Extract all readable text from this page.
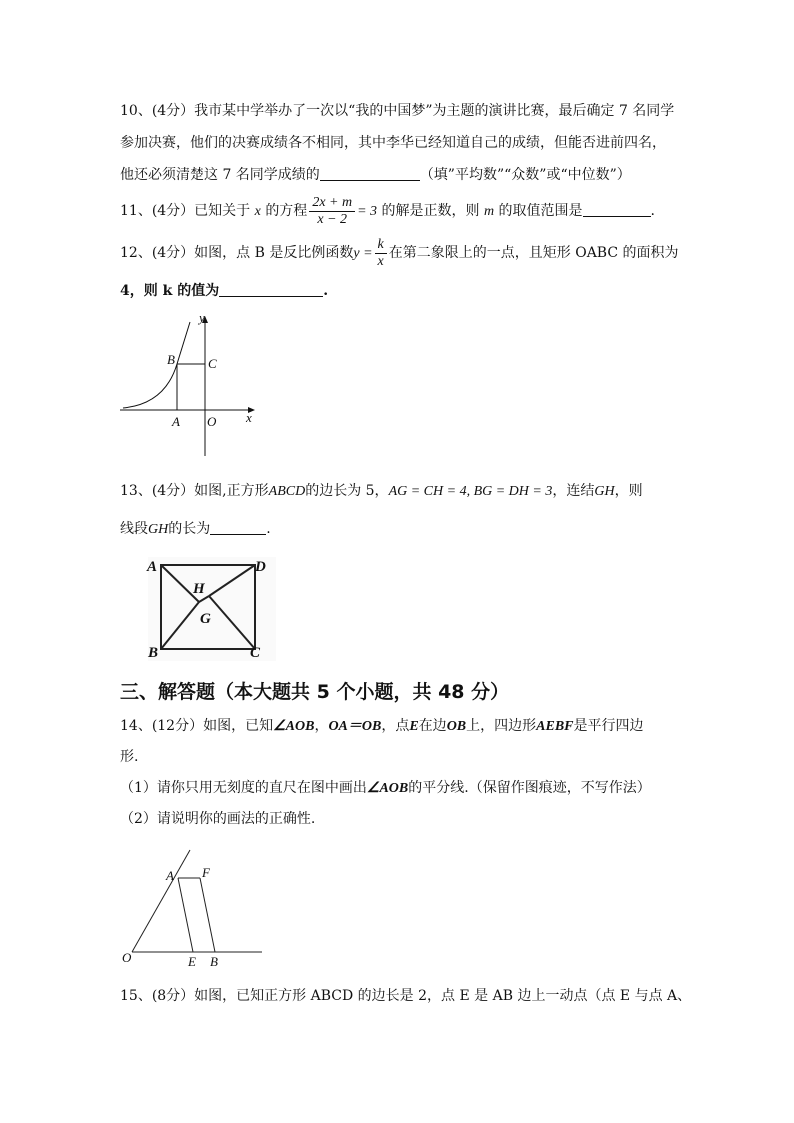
10、(4分）我市某中学举办了一次以“我的中国梦”为主题的演讲比赛，最后确定 7 名同学
参加决赛，他们的决赛成绩各不相同，其中李华已经知道自己的成绩，但能否进前四名，
他还必须清楚这 7 名同学成绩的	（填”平均数”“众数”或“中位数”）
11、(4分）已知关于 x 的方程 $\frac{2x + m}{x - 2} = 3$ 的解是正数，则 m 的取值范围是	.
12、(4分）如图，点 B 是反比例函数$y = \frac{k}{x}$ 在第二象限上的一点，且矩形 OABC 的面积为
4，则 k 的值为	.
y
x
B	C
A O
13、(4分）如图,正方形ABCD的边长为 5，AG = CH = 4, BG = DH = 3，连结GH，则
线段GH的长为	.
A	D
H
G
B	C
三、解答题（本大题共 5 个小题，共 48 分）
14、(12分）如图，已知∠AOB，OA＝OB，点E在边OB上，四边形AEBF是平行四边
形.
（1）请你只用无刻度的直尺在图中画出∠AOB的平分线.（保留作图痕迹，不写作法）
（2）请说明你的画法的正确性.
A F
O	E B
15、(8分）如图，已知正方形 ABCD 的边长是 2，点 E 是 AB 边上一动点（点 E 与点 A、
